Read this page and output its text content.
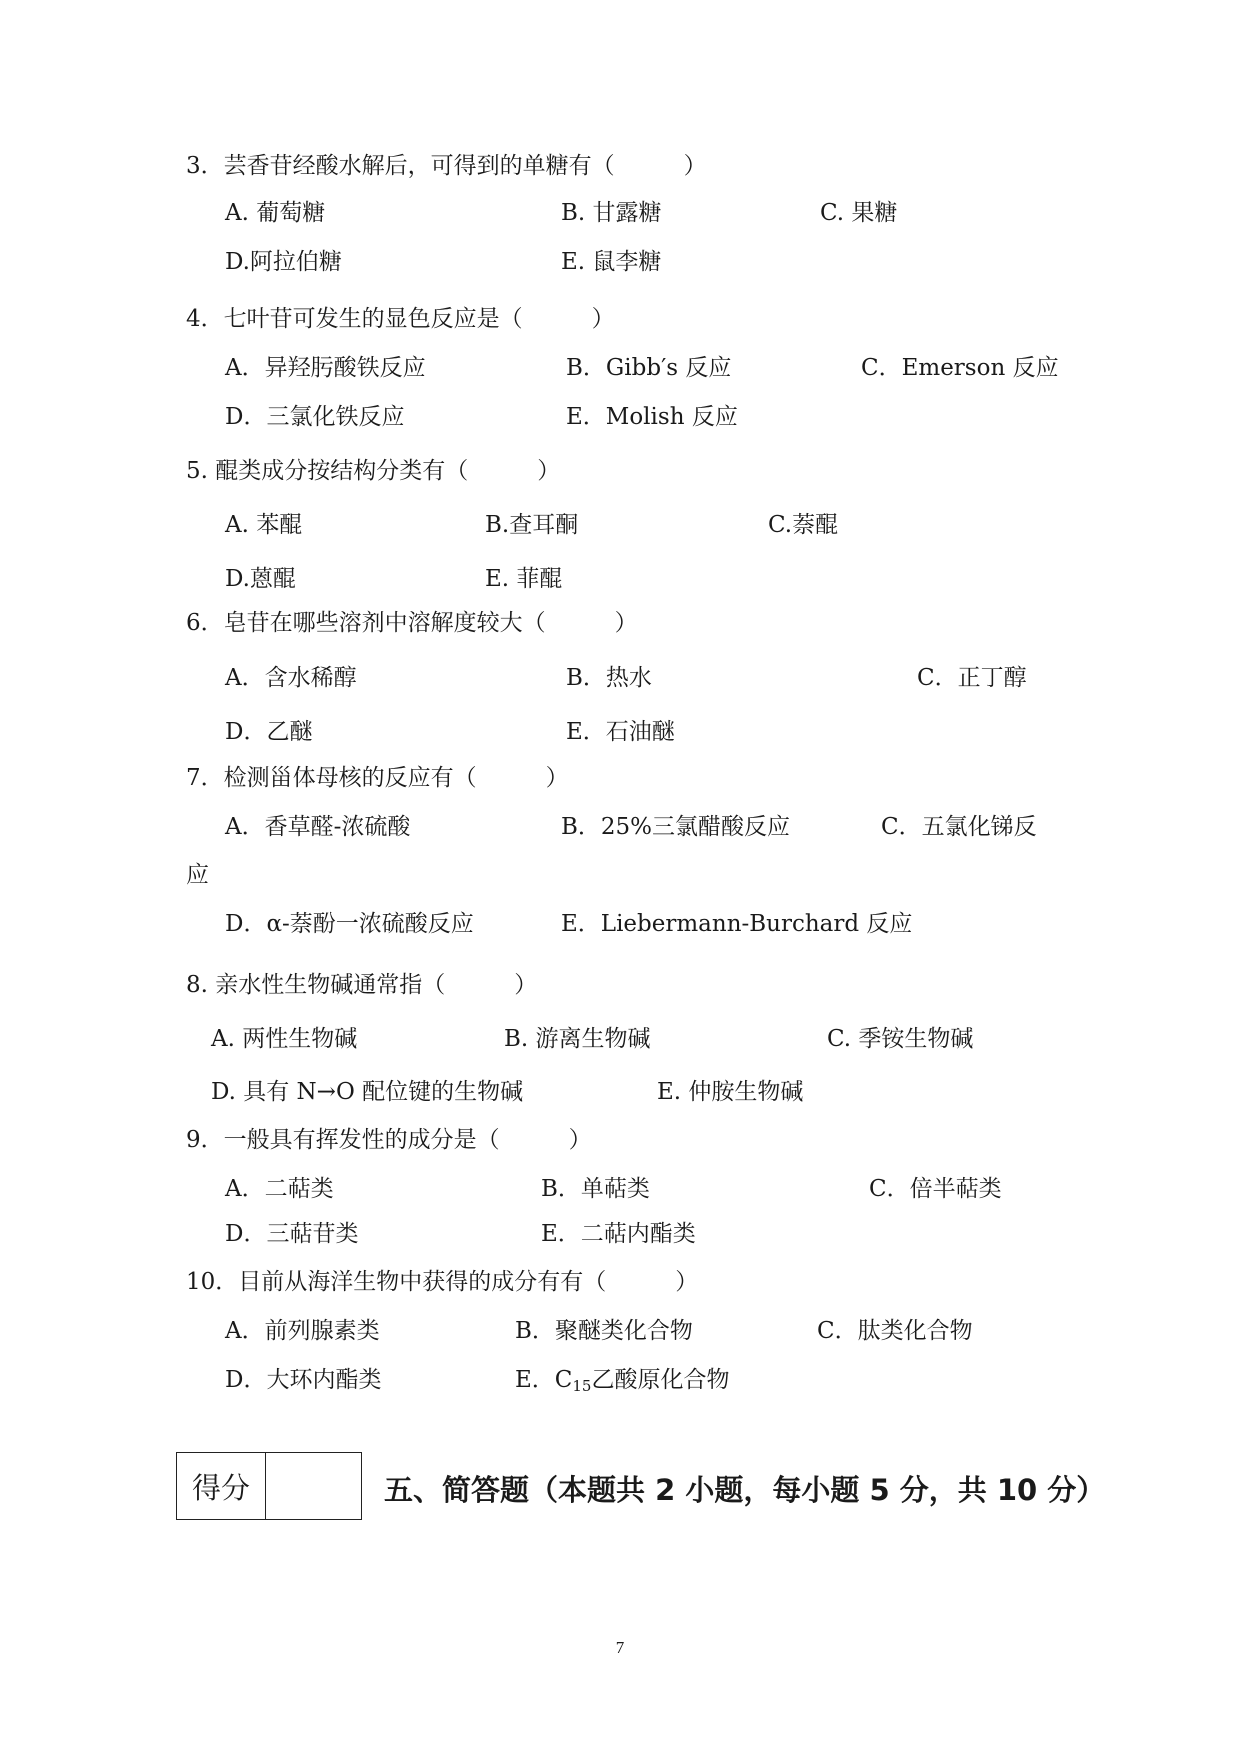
3．芸香苷经酸水解后，可得到的单糖有（　　　）
A. 葡萄糖	B. 甘露糖	C. 果糖
D.阿拉伯糖	E. 鼠李糖
4．七叶苷可发生的显色反应是（　　　）
A．异羟肟酸铁反应	B．Gibb′s 反应	C．Emerson 反应
D．三氯化铁反应	E．Molish 反应
5. 醌类成分按结构分类有（　　　）
A. 苯醌	B.查耳酮	C.萘醌
D.蒽醌	E. 菲醌
6．皂苷在哪些溶剂中溶解度较大（　　　）
A．含水稀醇	B．热水	C．正丁醇
D．乙醚	E．石油醚
7．检测甾体母核的反应有（　　　）
A．香草醛-浓硫酸	B．25%三氯醋酸反应	C．五氯化锑反
应
D．α-萘酚一浓硫酸反应	E．Liebermann-Burchard 反应
8. 亲水性生物碱通常指（　　　）
A. 两性生物碱	B. 游离生物碱	C. 季铵生物碱
D. 具有 N→O 配位键的生物碱	E. 仲胺生物碱
9．一般具有挥发性的成分是（　　　）
A．二萜类	B．单萜类	C．倍半萜类
D．三萜苷类	E．二萜内酯类
10．目前从海洋生物中获得的成分有有（　　　）
A．前列腺素类	B．聚醚类化合物	C．肽类化合物
D．大环内酯类	E．$C_{15}$乙酸原化合物
得分	五、简答题（本题共 2 小题，每小题 5 分，共 10 分）
7
